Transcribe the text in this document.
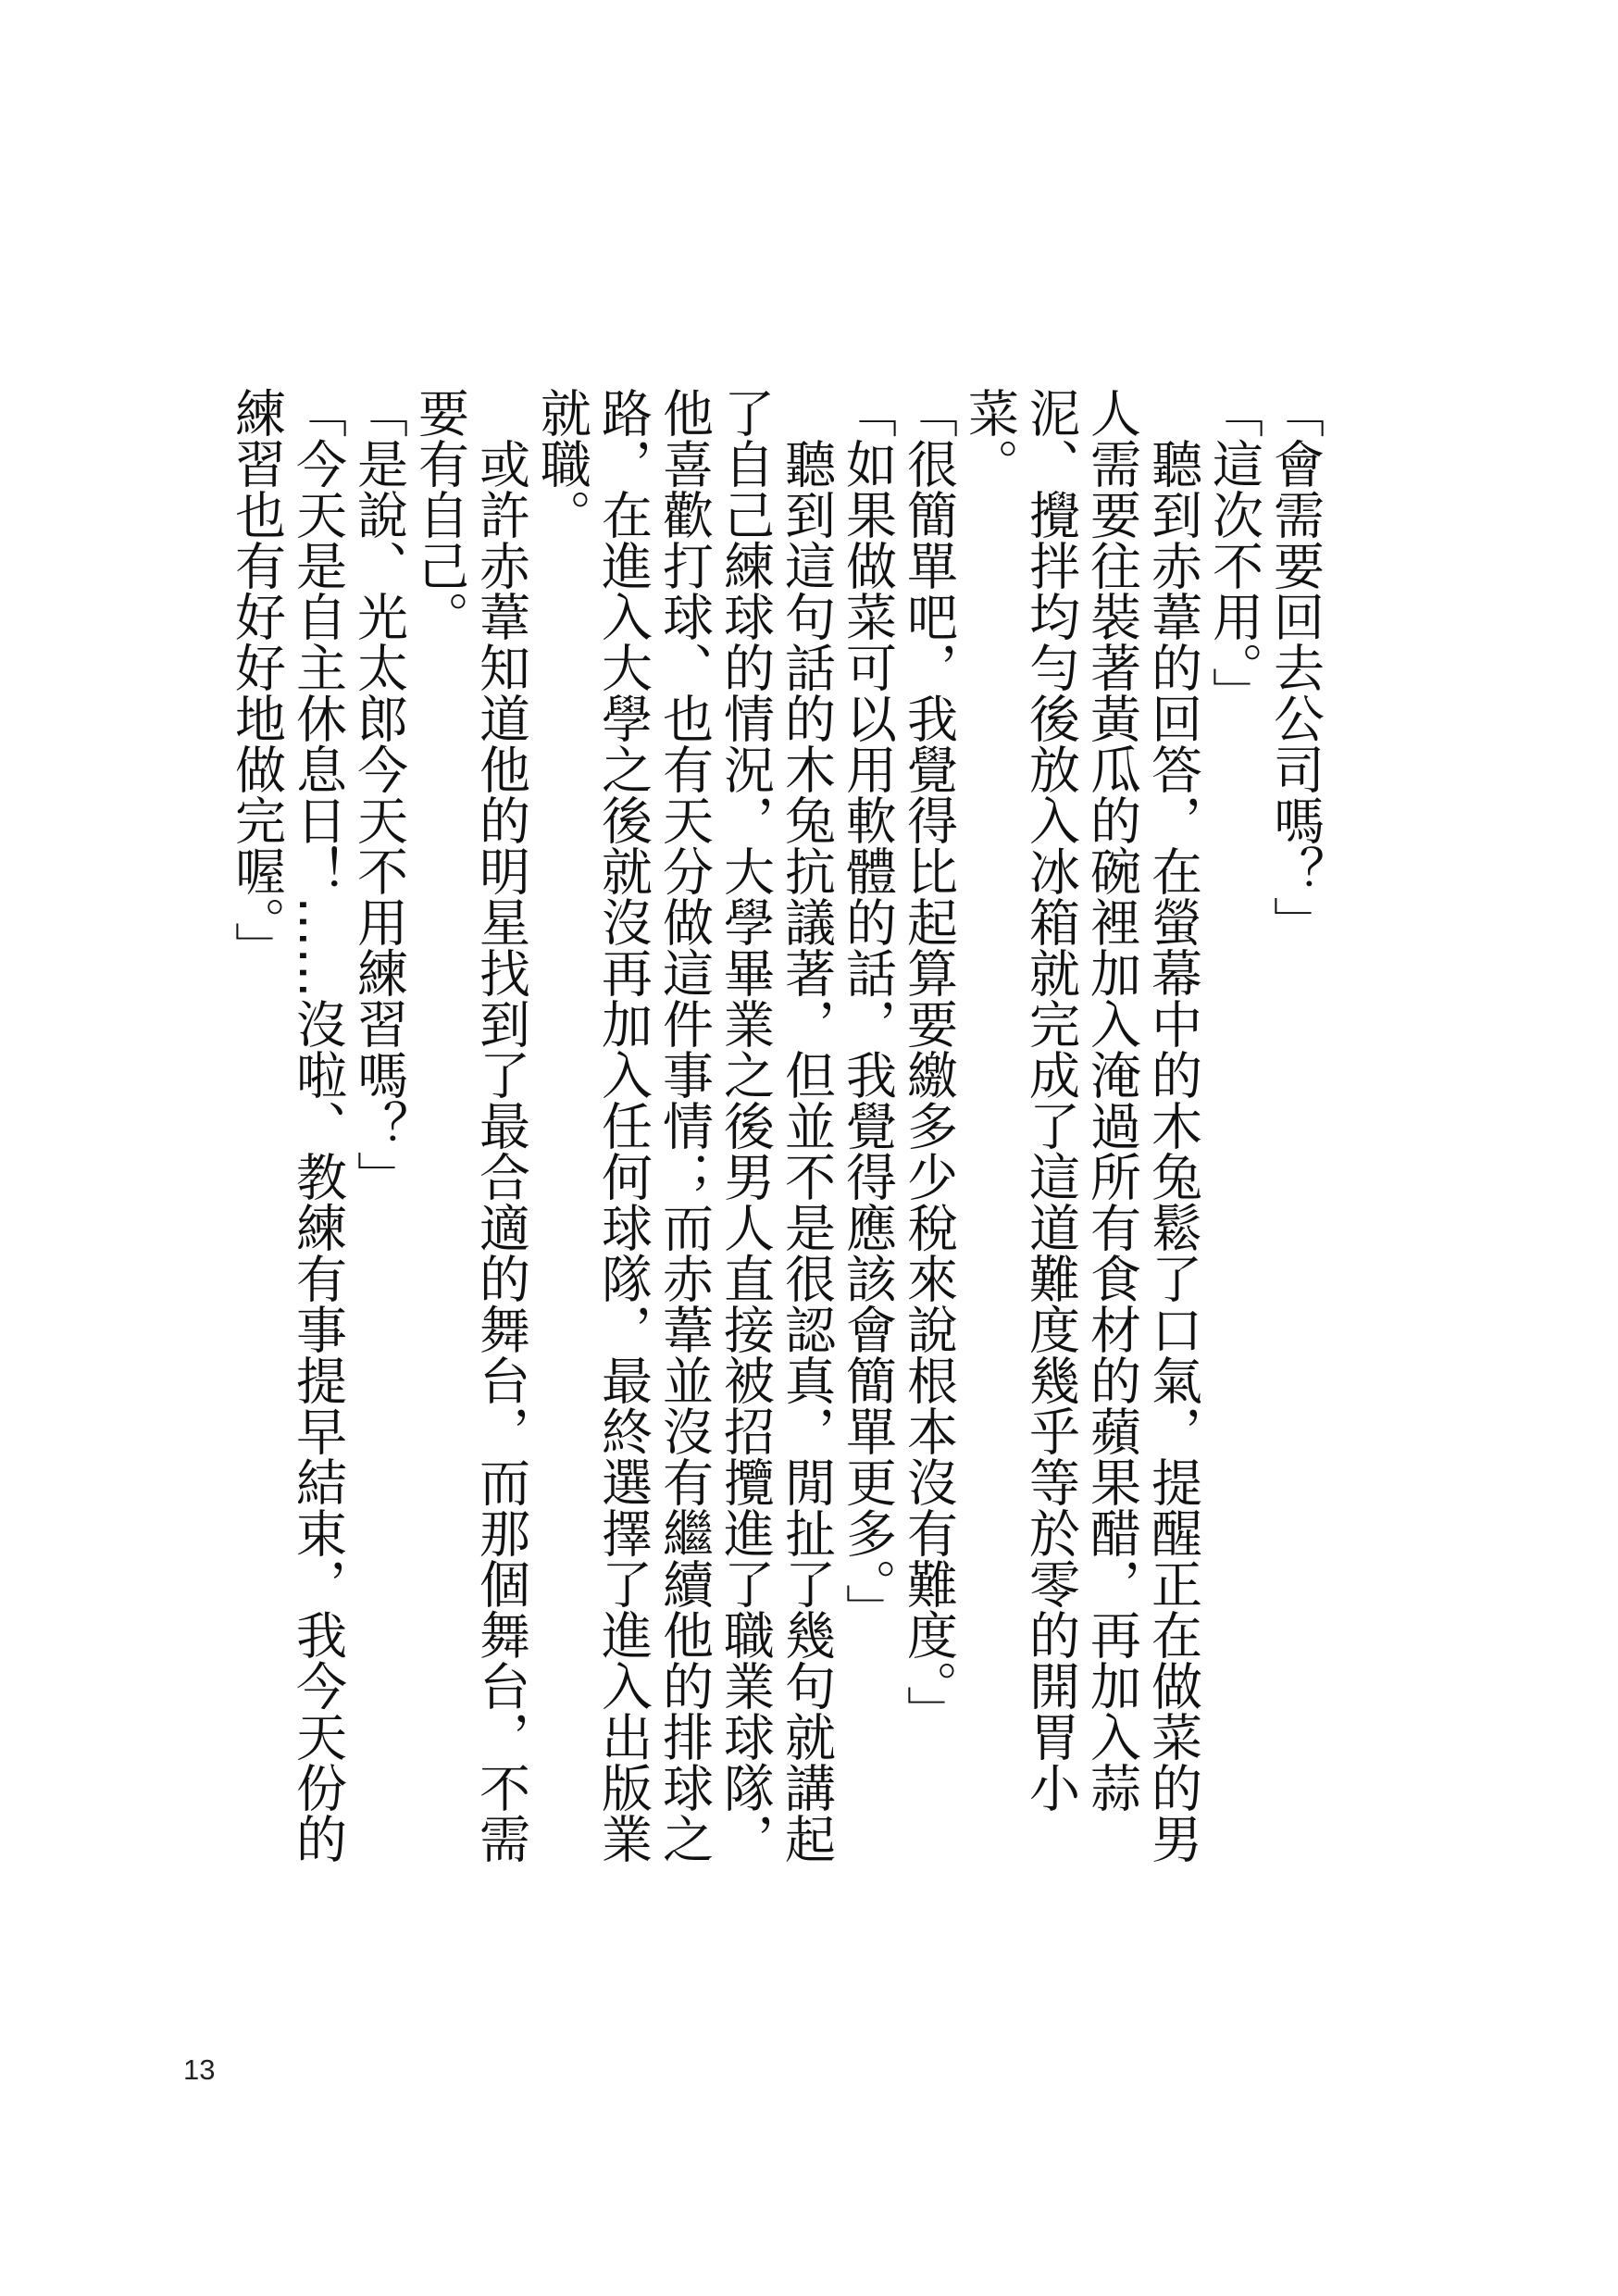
「會需要回去公司嗎？」

「這次不用。」

聽到赤葦的回答，在螢幕中的木兔鬆了口氣，提醒正在做菜的男人需要往裝著黃瓜的碗裡加入淹過所有食材的蘋果醋，再加入蒜泥、攪拌均勻後放入冰箱就完成了這道難度幾乎等於零的開胃小菜。

「很簡單吧，我覺得比起算要繳多少稅來說根本沒有難度。」

「如果做菜可以用軟體的話，我覺得應該會簡單更多。」

聽到這句話的木兔抗議著，但並不是很認真，閒扯了幾句就講起了自己練球的情況，大學畢業之後男人直接被招攬進了職業球隊，他喜歡打球、也有天分做這件事情；而赤葦並沒有繼續他的排球之路，在進入大學之後就沒再加入任何球隊，最終選擇了進入出版業就職。

或許赤葦知道他的明星找到了最合適的舞台，而那個舞台，不需要有自己。

「是說、光太郎今天不用練習嗎？」

「今天是自主休息日！……沒啦、教練有事提早結束，我今天份的練習也有好好地做完喔。」

13
